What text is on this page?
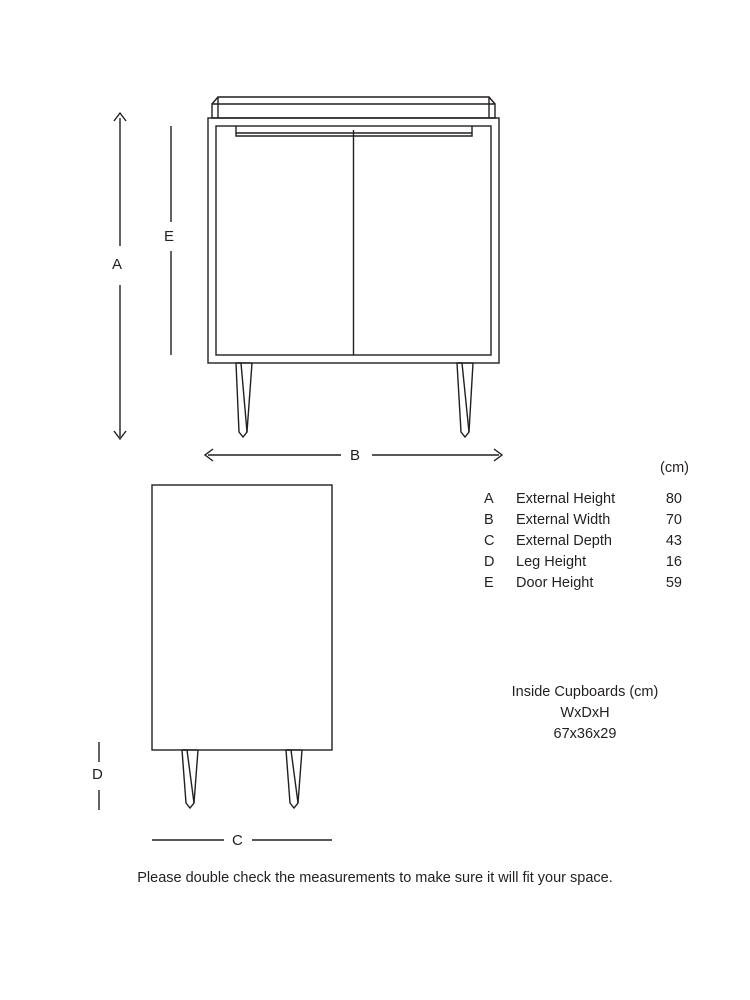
A
E
B
D
C
(cm)
A	External Height	80
B	External Width	70
C	External Depth	43
D	Leg Height	16
E	Door Height	59
Inside Cupboards (cm)
WxDxH
67x36x29
Please double check the measurements to make sure it will fit your space.
